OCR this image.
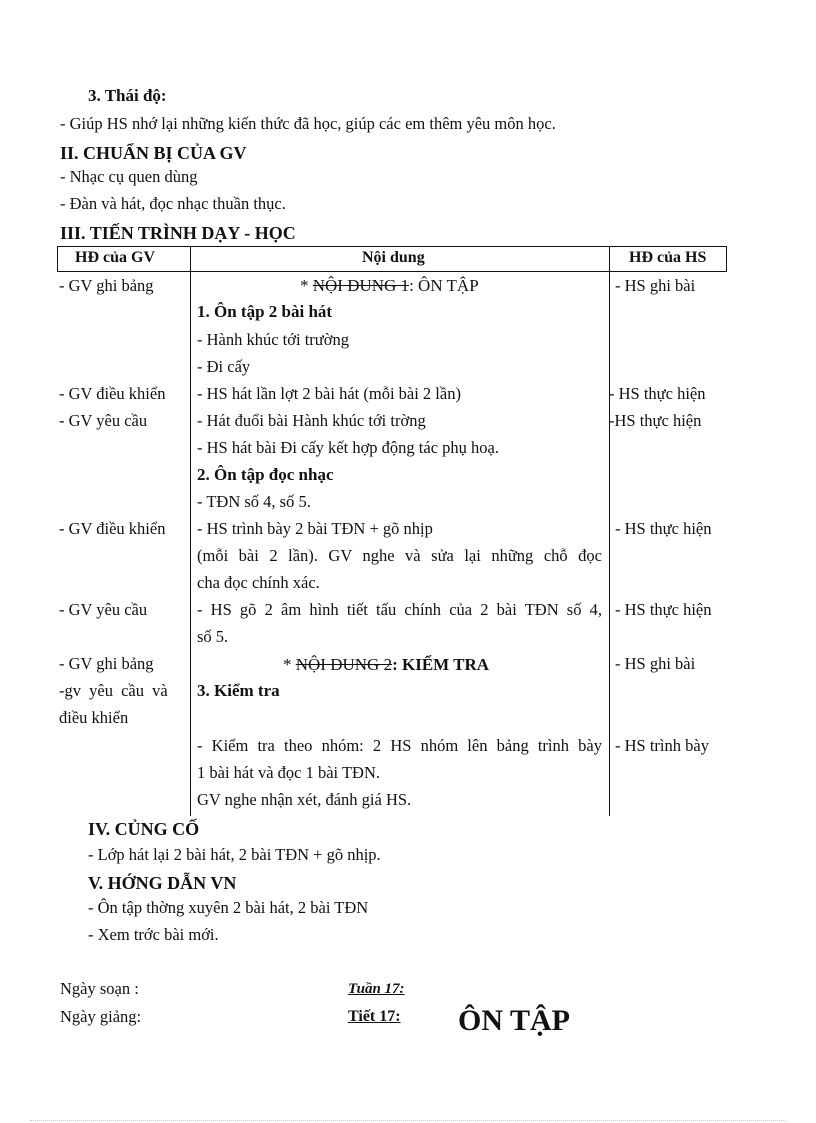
3. Thái độ:
- Giúp HS nhớ lại những kiến thức đã học, giúp các em thêm yêu môn học.
II. CHUẨN BỊ CỦA GV
- Nhạc cụ quen dùng
- Đàn và hát, đọc nhạc thuần thục.
III. TIẾN TRÌNH DẠY - HỌC
HĐ của GV	Nội dung	HĐ của HS
- GV ghi bảng
- GV điều khiển
- GV yêu cầu
- GV điều khiển
- GV yêu cầu
- GV ghi bảng
-gv yêu cầu và
điều khiển
- HS ghi bài
- HS thực hiện
-HS thực hiện
- HS thực hiện
- HS thực hiện
- HS ghi bài
- HS trình bày
* NỘI DUNG 1: ÔN TẬP
1. Ôn tập 2 bài hát
- Hành khúc tới trường
- Đi cấy
- HS hát lần lợt 2 bài hát (mỗi bài 2 lần)
- Hát đuổi bài Hành khúc tới trờng
- HS hát bài Đi cấy kết hợp động tác phụ hoạ.
2. Ôn tập đọc nhạc
- TĐN số 4, số 5.
- HS trình bày 2 bài TĐN + gõ nhịp
(mỗi bài 2 lần). GV nghe và sửa lại những chỗ đọc
cha đọc chính xác.
- HS gõ 2 âm hình tiết tấu chính của 2 bài TĐN số 4,
số 5.
* NỘI DUNG 2: KIỂM TRA
3. Kiểm tra
- Kiểm tra theo nhóm: 2 HS nhóm lên bảng trình bày
1 bài hát và đọc 1 bài TĐN.
GV nghe nhận xét, đánh giá HS.
IV. CỦNG CỐ
- Lớp hát lại 2 bài hát, 2 bài TĐN + gõ nhịp.
V. HỚNG DẪN VN
- Ôn tập thờng xuyên 2 bài hát, 2 bài TĐN
- Xem trớc bài mới.
Ngày soạn :
Ngày giảng:
Tuần 17:
Tiết 17: ÔN TẬP
